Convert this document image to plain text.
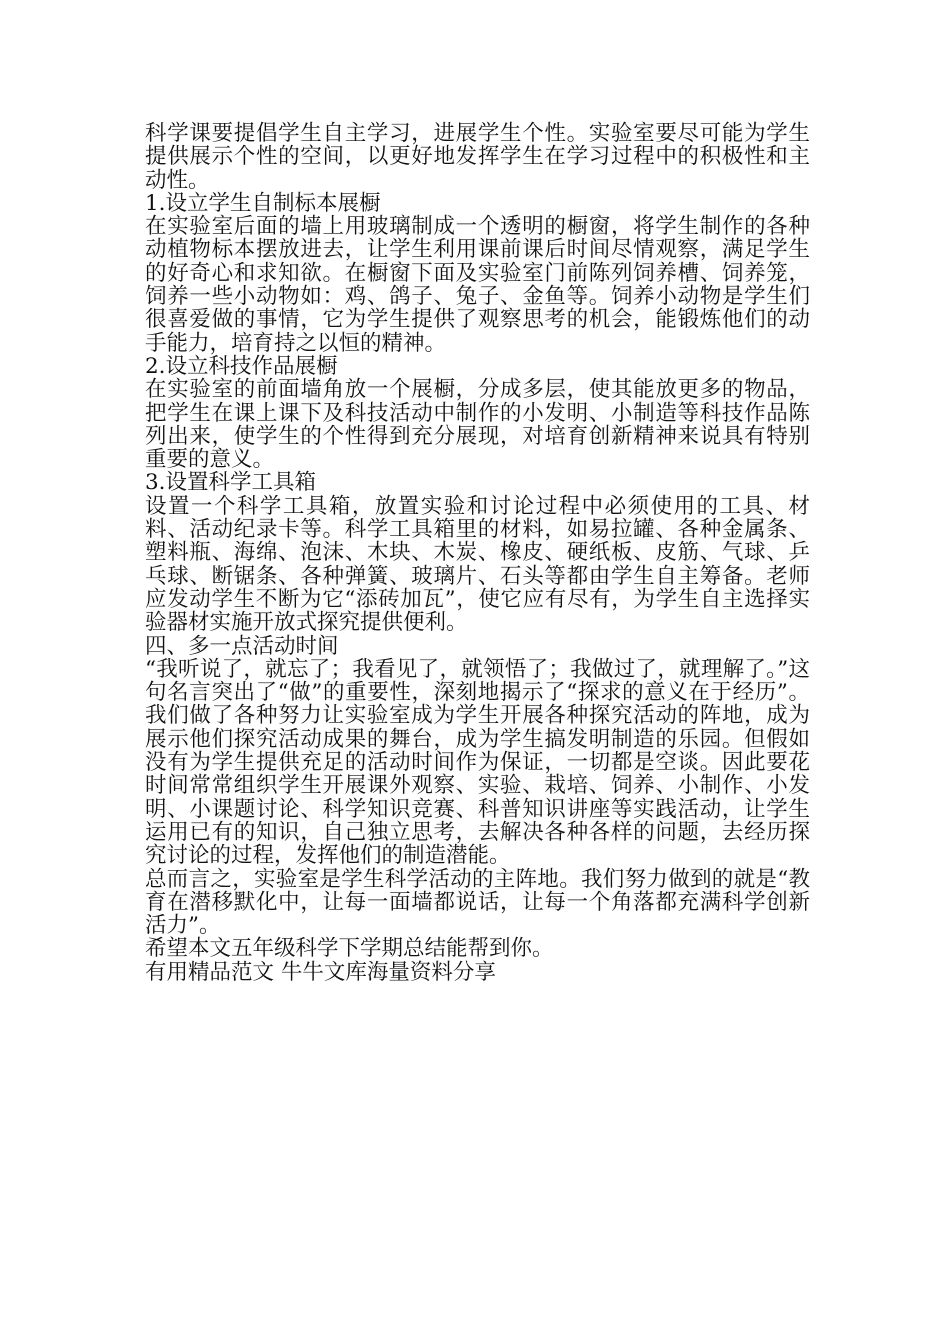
科学课要提倡学生自主学习，进展学生个性。实验室要尽可能为学生提供展示个性的空间，以更好地发挥学生在学习过程中的积极性和主动性。

1.设立学生自制标本展橱

在实验室后面的墙上用玻璃制成一个透明的橱窗，将学生制作的各种动植物标本摆放进去，让学生利用课前课后时间尽情观察，满足学生的好奇心和求知欲。在橱窗下面及实验室门前陈列饲养槽、饲养笼，饲养一些小动物如：鸡、鸽子、兔子、金鱼等。饲养小动物是学生们很喜爱做的事情，它为学生提供了观察思考的机会，能锻炼他们的动手能力，培育持之以恒的精神。

2.设立科技作品展橱

在实验室的前面墙角放一个展橱，分成多层，使其能放更多的物品，把学生在课上课下及科技活动中制作的小发明、小制造等科技作品陈列出来，使学生的个性得到充分展现，对培育创新精神来说具有特别重要的意义。

3.设置科学工具箱

设置一个科学工具箱，放置实验和讨论过程中必须使用的工具、材料、活动纪录卡等。科学工具箱里的材料，如易拉罐、各种金属条、塑料瓶、海绵、泡沫、木块、木炭、橡皮、硬纸板、皮筋、气球、乒乓球、断锯条、各种弹簧、玻璃片、石头等都由学生自主筹备。老师应发动学生不断为它“添砖加瓦”，使它应有尽有，为学生自主选择实验器材实施开放式探究提供便利。

四、多一点活动时间

“我听说了，就忘了；我看见了，就领悟了；我做过了，就理解了。”这句名言突出了“做”的重要性，深刻地揭示了“探求的意义在于经历”。我们做了各种努力让实验室成为学生开展各种探究活动的阵地，成为展示他们探究活动成果的舞台，成为学生搞发明制造的乐园。但假如没有为学生提供充足的活动时间作为保证，一切都是空谈。因此要花时间常常组织学生开展课外观察、实验、栽培、饲养、小制作、小发明、小课题讨论、科学知识竞赛、科普知识讲座等实践活动，让学生运用已有的知识，自己独立思考，去解决各种各样的问题，去经历探究讨论的过程，发挥他们的制造潜能。

总而言之，实验室是学生科学活动的主阵地。我们努力做到的就是“教育在潜移默化中，让每一面墙都说话，让每一个角落都充满科学创新活力”。

希望本文五年级科学下学期总结能帮到你。

有用精品范文 牛牛文库海量资料分享
